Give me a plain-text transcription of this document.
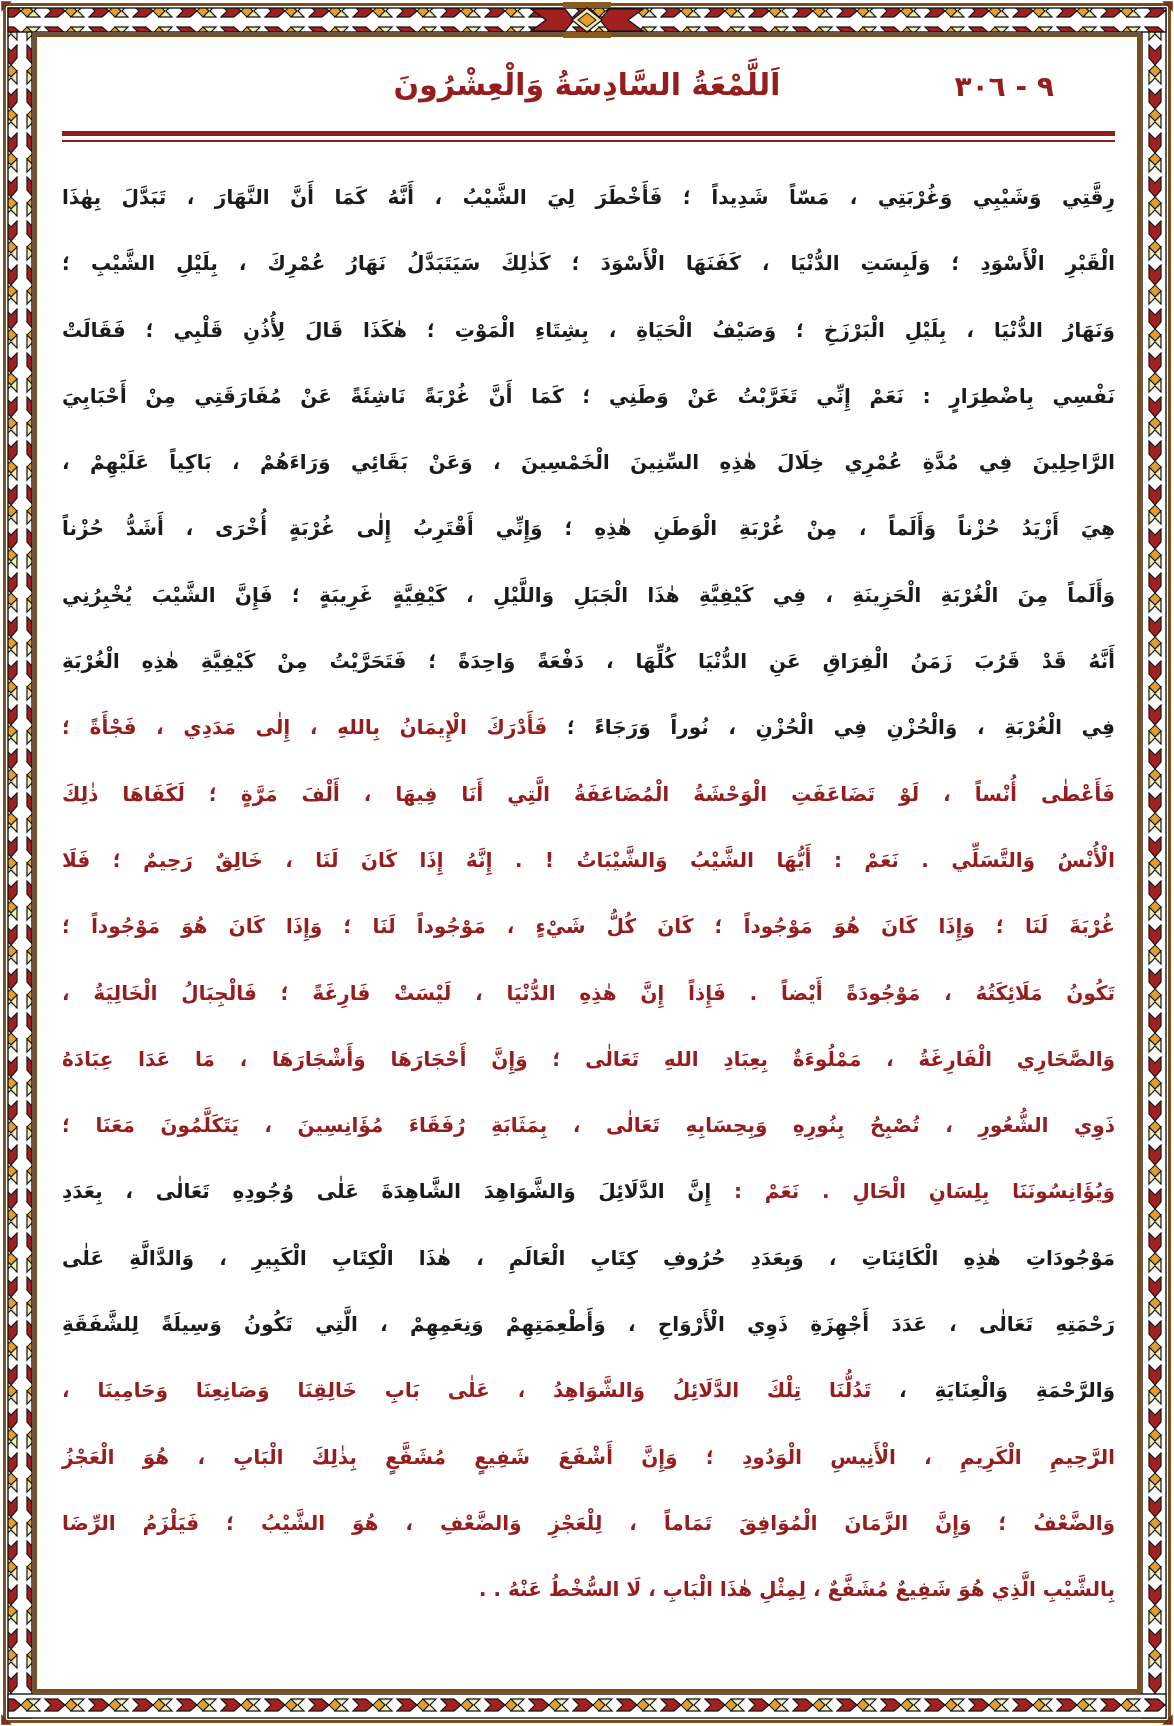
اَللَّمْعَةُ السَّادِسَةُ وَالْعِشْرُونَ	٩ - ٣٠٦
رِقَّتِي وَشَيْبِي وَغُرْبَتِي ، مَسّاً شَدِيداً ؛ فَأَخْطَرَ لِيَ الشَّيْبُ ، أَنَّهُ كَمَا أَنَّ النَّهَارَ ، تَبَدَّلَ بِهٰذَا
الْقَبْرِ الْأَسْوَدِ ؛ وَلَبِسَتِ الدُّنْيَا ، كَفَنَهَا الْأَسْوَدَ ؛ كَذٰلِكَ سَيَتَبَدَّلُ نَهَارُ عُمْرِكَ ، بِلَيْلِ الشَّيْبِ ؛
وَنَهَارُ الدُّنْيَا ، بِلَيْلِ الْبَرْزَخِ ؛ وَصَيْفُ الْحَيَاةِ ، بِشِتَاءِ الْمَوْتِ ؛ هٰكَذَا قَالَ لِأُذُنِ قَلْبِي ؛ فَقَالَتْ
نَفْسِي بِاضْطِرَارٍ : نَعَمْ إِنِّي تَغَرَّبْتُ عَنْ وَطَنِي ؛ كَمَا أَنَّ غُرْبَةً نَاشِئَةً عَنْ مُفَارَقَتِي مِنْ أَحْبَابِيَ
الرَّاحِلِينَ فِي مُدَّةِ عُمْرِي خِلَالَ هٰذِهِ السِّنِينَ الْخَمْسِينَ ، وَعَنْ بَقَائِي وَرَاءَهُمْ ، بَاكِياً عَلَيْهِمْ ،
هِيَ أَزْيَدُ حُزْناً وَأَلَماً ، مِنْ غُرْبَةِ الْوَطَنِ هٰذِهِ ؛ وَإِنِّي أَقْتَرِبُ إِلٰى غُرْبَةٍ أُخْرَى ، أَشَدُّ حُزْناً
وَأَلَماً مِنَ الْغُرْبَةِ الْحَزِينَةِ ، فِي كَيْفِيَّةِ هٰذَا الْجَبَلِ وَاللَّيْلِ ، كَيْفِيَّةٍ غَرِيبَةٍ ؛ فَإِنَّ الشَّيْبَ يُخْبِرُنِي
أَنَّهُ قَدْ قَرُبَ زَمَنُ الْفِرَاقِ عَنِ الدُّنْيَا كُلِّهَا ، دَفْعَةً وَاحِدَةً ؛ فَتَحَرَّيْتُ مِنْ كَيْفِيَّةِ هٰذِهِ الْغُرْبَةِ
فِي الْغُرْبَةِ ، وَالْحُزْنِ فِي الْحُزْنِ ، نُوراً وَرَجَاءً ؛ فَأَدْرَكَ الْإِيمَانُ بِاللهِ ، إِلٰى مَدَدِي ، فَجْأَةً ؛
فَأَعْطٰى أُنْساً ، لَوْ تَضَاعَفَتِ الْوَحْشَةُ الْمُضَاعَفَةُ الَّتِي أَنَا فِيهَا ، أَلْفَ مَرَّةٍ ؛ لَكَفَاهَا ذٰلِكَ
الْأُنْسُ وَالتَّسَلِّي . نَعَمْ : أَيُّهَا الشَّيْبُ وَالشَّيْبَاتُ ! . إِنَّهُ إِذَا كَانَ لَنَا ، خَالِقٌ رَحِيمٌ ؛ فَلَا
غُرْبَةَ لَنَا ؛ وَإِذَا كَانَ هُوَ مَوْجُوداً ؛ كَانَ كُلُّ شَيْءٍ ، مَوْجُوداً لَنَا ؛ وَإِذَا كَانَ هُوَ مَوْجُوداً ؛
تَكُونُ مَلَائِكَتُهُ ، مَوْجُودَةً أَيْضاً . فَإِذاً إِنَّ هٰذِهِ الدُّنْيَا ، لَيْسَتْ فَارِغَةً ؛ فَالْجِبَالُ الْخَالِيَةُ ،
وَالصَّحَارِي الْفَارِغَةُ ، مَمْلُوءَةٌ بِعِبَادِ اللهِ تَعَالٰى ؛ وَإِنَّ أَحْجَارَهَا وَأَشْجَارَهَا ، مَا عَدَا عِبَادَهُ
ذَوِي الشُّعُورِ ، تُصْبِحُ بِنُورِهِ وَبِحِسَابِهِ تَعَالٰى ، بِمَثَابَةِ رُفَقَاءَ مُؤَانِسِينَ ، يَتَكَلَّمُونَ مَعَنَا ؛
وَيُؤَانِسُونَنَا بِلِسَانِ الْحَالِ . نَعَمْ : إِنَّ الدَّلَائِلَ وَالشَّوَاهِدَ الشَّاهِدَةَ عَلٰى وُجُودِهِ تَعَالٰى ، بِعَدَدِ
مَوْجُودَاتِ هٰذِهِ الْكَائِنَاتِ ، وَبِعَدَدِ حُرُوفِ كِتَابِ الْعَالَمِ ، هٰذَا الْكِتَابِ الْكَبِيرِ ، وَالدَّالَّةِ عَلٰى
رَحْمَتِهِ تَعَالٰى ، عَدَدَ أَجْهِزَةِ ذَوِي الْأَرْوَاحِ ، وَأَطْعِمَتِهِمْ وَنِعَمِهِمْ ، الَّتِي تَكُونُ وَسِيلَةً لِلشَّفَقَةِ
وَالرَّحْمَةِ وَالْعِنَايَةِ ، تَدُلُّنَا تِلْكَ الدَّلَائِلُ وَالشَّوَاهِدُ ، عَلٰى بَابِ خَالِقِنَا وَصَانِعِنَا وَحَامِينَا ،
الرَّحِيمِ الْكَرِيمِ ، الْأَنِيسِ الْوَدُودِ ؛ وَإِنَّ أَشْفَعَ شَفِيعٍ مُشَفَّعٍ بِذٰلِكَ الْبَابِ ، هُوَ الْعَجْزُ
وَالضَّعْفُ ؛ وَإِنَّ الزَّمَانَ الْمُوَافِقَ تَمَاماً ، لِلْعَجْزِ وَالضَّعْفِ ، هُوَ الشَّيْبُ ؛ فَيَلْزَمُ الرِّضَا
بِالشَّيْبِ الَّذِي هُوَ شَفِيعٌ مُشَفَّعٌ ، لِمِثْلِ هٰذَا الْبَابِ ، لَا السُّخْطُ عَنْهُ . .
